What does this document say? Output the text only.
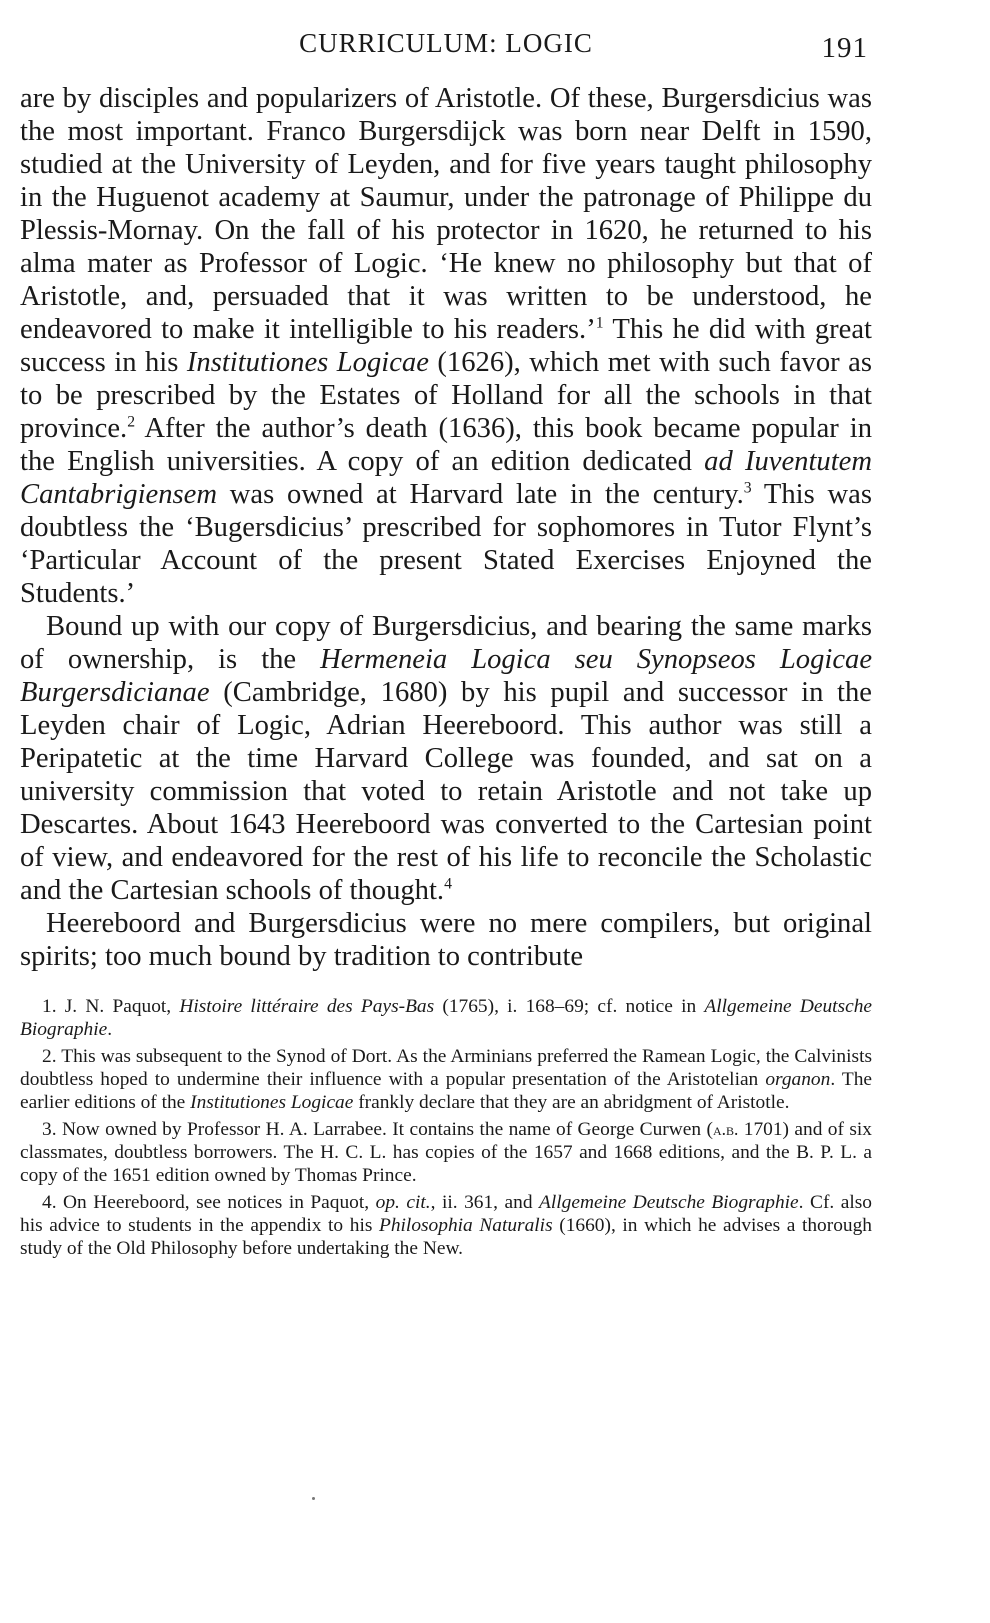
CURRICULUM: LOGIC	191

are by disciples and popularizers of Aristotle. Of these, Burgersdicius was the most important. Franco Burgersdijck was born near Delft in 1590, studied at the University of Leyden, and for five years taught philosophy in the Huguenot academy at Saumur, under the patronage of Philippe du Plessis-Mornay. On the fall of his protector in 1620, he returned to his alma mater as Professor of Logic. ‘He knew no philosophy but that of Aristotle, and, persuaded that it was written to be understood, he endeavored to make it intelligible to his readers.’$^1$ This he did with great success in his Institutiones Logicae (1626), which met with such favor as to be prescribed by the Estates of Holland for all the schools in that province.$^2$ After the author’s death (1636), this book became popular in the English universities. A copy of an edition dedicated ad Iuventutem Cantabrigiensem was owned at Harvard late in the century.$^3$ This was doubtless the ‘Bugersdicius’ prescribed for sophomores in Tutor Flynt’s ‘Particular Account of the present Stated Exercises Enjoyned the Students.’

Bound up with our copy of Burgersdicius, and bearing the same marks of ownership, is the Hermeneia Logica seu Synopseos Logicae Burgersdicianae (Cambridge, 1680) by his pupil and successor in the Leyden chair of Logic, Adrian Heereboord. This author was still a Peripatetic at the time Harvard College was founded, and sat on a university commission that voted to retain Aristotle and not take up Descartes. About 1643 Heereboord was converted to the Cartesian point of view, and endeavored for the rest of his life to reconcile the Scholastic and the Cartesian schools of thought.$^4$

Heereboord and Burgersdicius were no mere compilers, but original spirits; too much bound by tradition to contribute

1. J. N. Paquot, Histoire littéraire des Pays-Bas (1765), i. 168–69; cf. notice in Allgemeine Deutsche Biographie.

2. This was subsequent to the Synod of Dort. As the Arminians preferred the Ramean Logic, the Calvinists doubtless hoped to undermine their influence with a popular presentation of the Aristotelian organon. The earlier editions of the Institutiones Logicae frankly declare that they are an abridgment of Aristotle.

3. Now owned by Professor H. A. Larrabee. It contains the name of George Curwen (a.b. 1701) and of six classmates, doubtless borrowers. The H. C. L. has copies of the 1657 and 1668 editions, and the B. P. L. a copy of the 1651 edition owned by Thomas Prince.

4. On Heereboord, see notices in Paquot, op. cit., ii. 361, and Allgemeine Deutsche Biographie. Cf. also his advice to students in the appendix to his Philosophia Naturalis (1660), in which he advises a thorough study of the Old Philosophy before undertaking the New.
